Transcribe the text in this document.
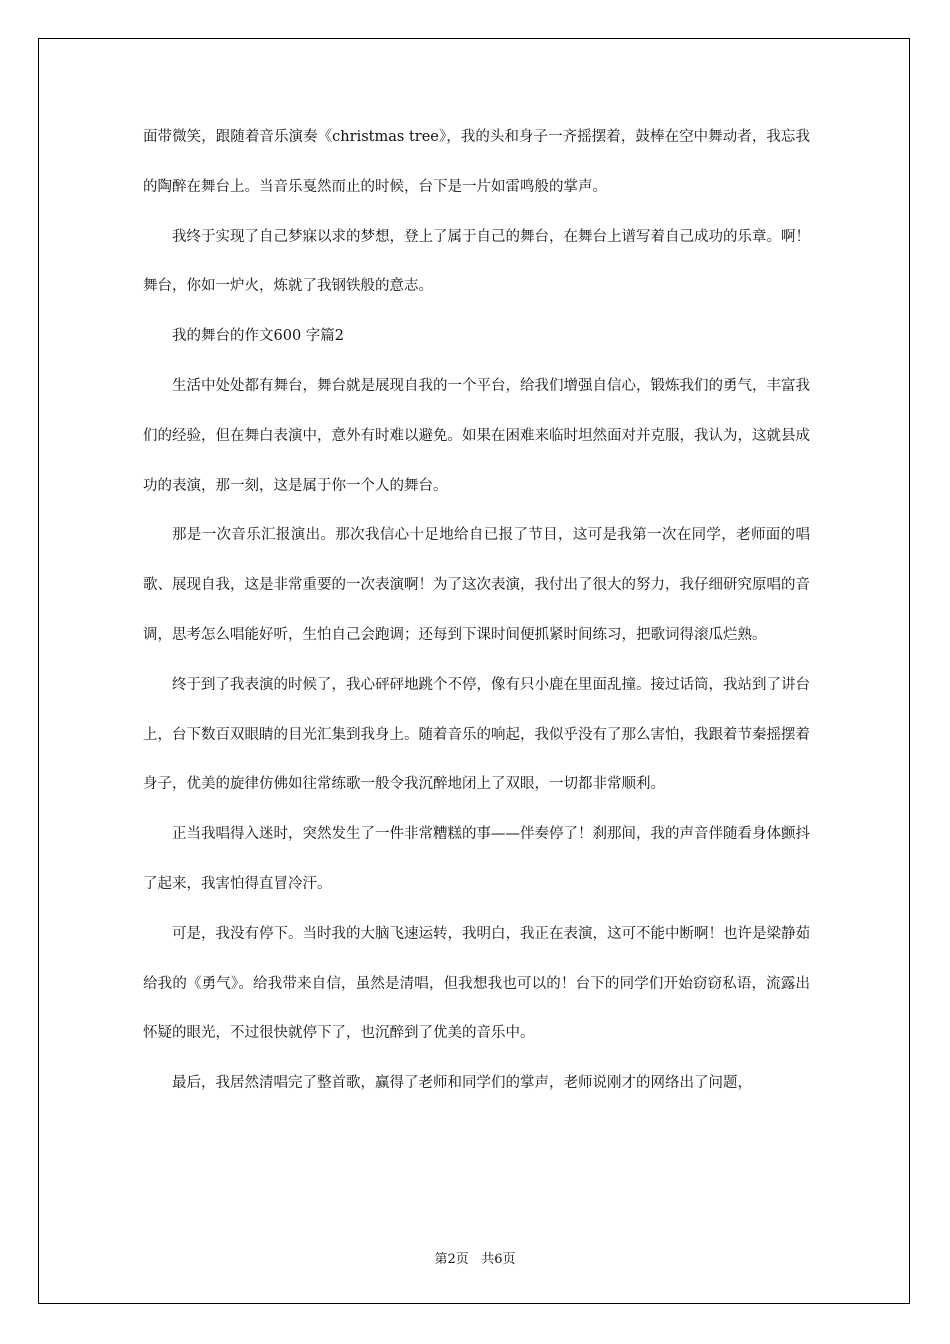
面带微笑，跟随着音乐演奏《christmas tree》，我的头和身子一齐摇摆着，鼓棒在空中舞动者，我忘我的陶醉在舞台上。当音乐戛然而止的时候，台下是一片如雷鸣般的掌声。

我终于实现了自己梦寐以求的梦想，登上了属于自己的舞台，在舞台上谱写着自己成功的乐章。啊！舞台，你如一炉火，炼就了我钢铁般的意志。

我的舞台的作文600 字篇2

生活中处处都有舞台，舞台就是展现自我的一个平台，给我们增强自信心，锻炼我们的勇气，丰富我们的经验，但在舞白表演中，意外有时难以避免。如果在困难来临时坦然面对并克服，我认为，这就县成功的表演，那一刻，这是属于你一个人的舞台。

那是一次音乐汇报演出。那次我信心十足地给自已报了节目，这可是我第一次在同学，老师面的唱歌、展现自我，这是非常重要的一次表演啊！为了这次表演，我付出了很大的努力，我仔细研究原唱的音调，思考怎么唱能好听，生怕自己会跑调；还每到下课时间便抓紧时间练习，把歌词得滚瓜烂熟。

终于到了我表演的时候了，我心砰砰地跳个不停，像有只小鹿在里面乱撞。接过话筒，我站到了讲台上，台下数百双眼睛的目光汇集到我身上。随着音乐的响起，我似乎没有了那么害怕，我跟着节秦摇摆着身子，优美的旋律仿佛如往常练歌一般令我沉醉地闭上了双眼，一切都非常顺利。

正当我唱得入迷时，突然发生了一件非常糟糕的事——伴奏停了！刹那间，我的声音伴随看身体颤抖了起来，我害怕得直冒冷汗。

可是，我没有停下。当时我的大脑飞速运转，我明白，我正在表演，这可不能中断啊！也许是梁静茹给我的《勇气》。给我带来自信，虽然是清唱，但我想我也可以的！台下的同学们开始窃窃私语，流露出怀疑的眼光，不过很快就停下了，也沉醉到了优美的音乐中。

最后，我居然清唱完了整首歌，赢得了老师和同学们的掌声，老师说刚才的网络出了问题，

第2页 共6页
